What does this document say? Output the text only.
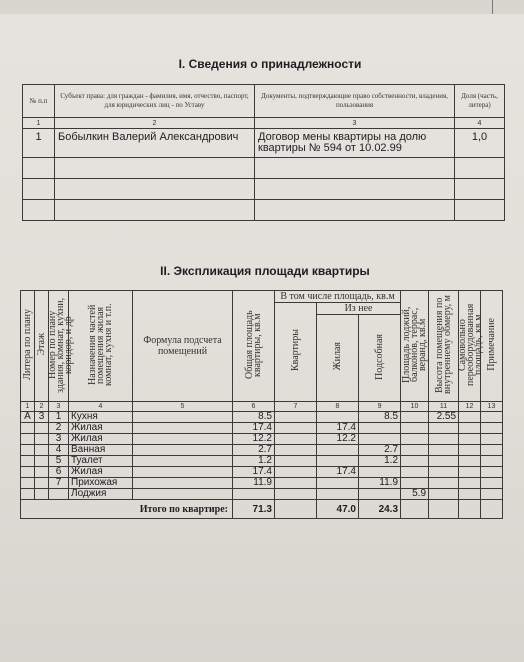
I. Сведения о принадлежности
№ п.п	Субъект права: для граждан - фамилия, имя, отчество, паспорт, для юридических лиц - по Уставу	Документы, подтверждающие право собственности, владения, пользования	Доля (часть, литера)
1	2	3	4
1	Бобылкин Валерий Александрович	Договор мены квартиры на долю квартиры № 594 от 10.02.99	1,0

II. Экспликация площади квартиры
Литера по плану	Этаж	Номер по плану здания, комнат, кухни, коридор, и др	Назначения частей помещения жилая комнат, кухня и т.п.	Формула подсчета помещений	Общая площадь квартиры, кв.м	В том числе площадь, кв.м			Площадь лоджий, балконов, террас, веранд, кв.м	Высота помещения по внутреннему обмеру, м	Самовольно переоборудованная площадь, кв.м	Примечание
						Квартиры	Из нее					
							Жилая	Подсобная				
1	2	3	4	5	6	7	8	9	10	11	12	13
А	3	1	Кухня		8.5			8.5		2.55		
		2	Жилая		17.4		17.4					
		3	Жилая		12.2		12.2					
		4	Ванная		2.7			2.7				
		5	Туалет		1.2			1.2				
		6	Жилая		17.4		17.4					
		7	Прихожая		11.9			11.9				
			Лоджия						5.9			
Итого по квартире:					71.3		47.0	24.3				
